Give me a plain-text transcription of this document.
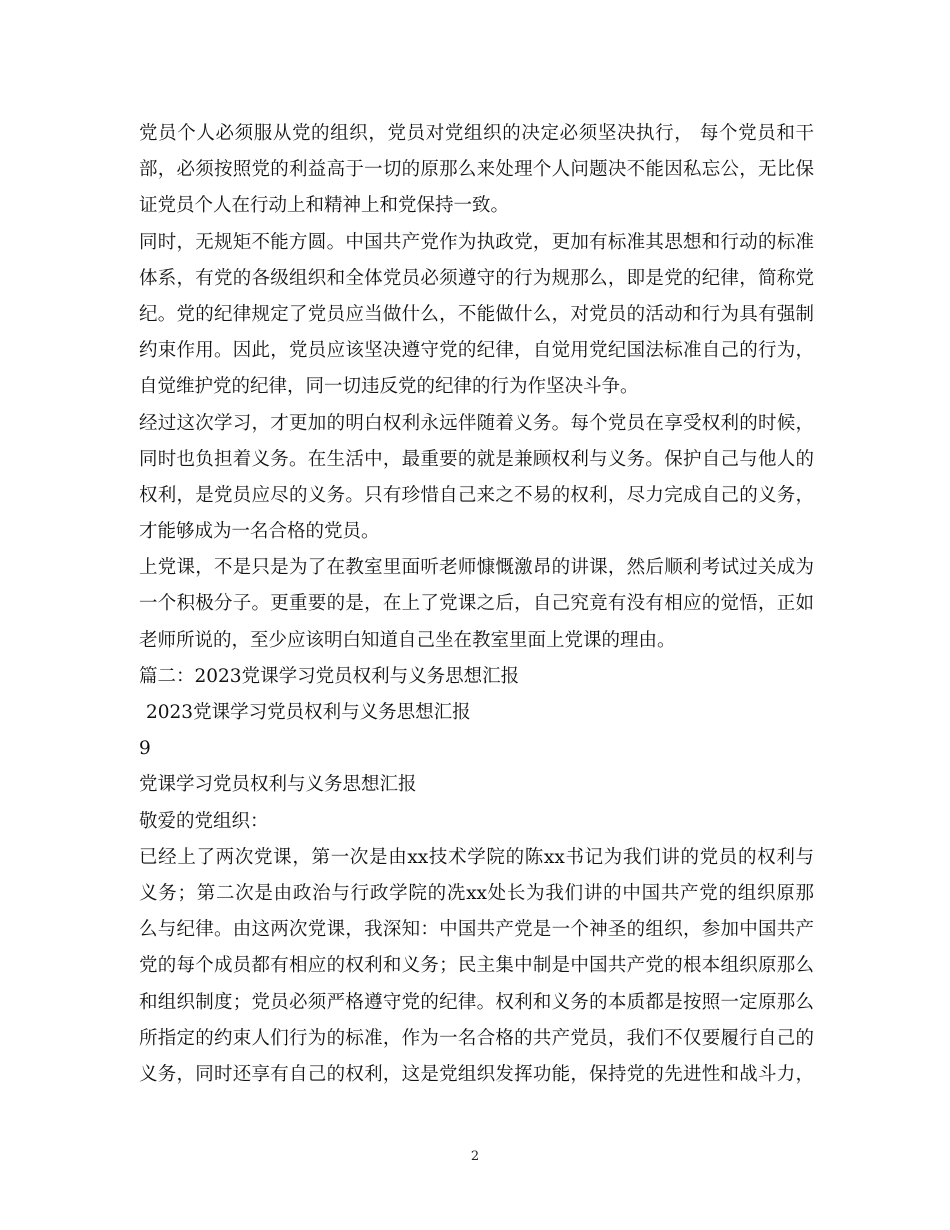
党员个人必须服从党的组织，党员对党组织的决定必须坚决执行， 每个党员和干
部，必须按照党的利益高于一切的原那么来处理个人问题决不能因私忘公，无比保
证党员个人在行动上和精神上和党保持一致。
同时，无规矩不能方圆。中国共产党作为执政党，更加有标准其思想和行动的标准
体系，有党的各级组织和全体党员必须遵守的行为规那么，即是党的纪律，简称党
纪。党的纪律规定了党员应当做什么，不能做什么，对党员的活动和行为具有强制
约束作用。因此，党员应该坚决遵守党的纪律，自觉用党纪国法标准自己的行为，
自觉维护党的纪律，同一切违反党的纪律的行为作坚决斗争。
经过这次学习，才更加的明白权利永远伴随着义务。每个党员在享受权利的时候，
同时也负担着义务。在生活中，最重要的就是兼顾权利与义务。保护自己与他人的
权利，是党员应尽的义务。只有珍惜自己来之不易的权利，尽力完成自己的义务，
才能够成为一名合格的党员。
上党课，不是只是为了在教室里面听老师慷慨激昂的讲课，然后顺利考试过关成为
一个积极分子。更重要的是，在上了党课之后，自己究竟有没有相应的觉悟，正如
老师所说的，至少应该明白知道自己坐在教室里面上党课的理由。
篇二：2023党课学习党员权利与义务思想汇报
2023党课学习党员权利与义务思想汇报
9
党课学习党员权利与义务思想汇报
敬爱的党组织：
已经上了两次党课，第一次是由xx技术学院的陈xx书记为我们讲的党员的权利与
义务；第二次是由政治与行政学院的冼xx处长为我们讲的中国共产党的组织原那
么与纪律。由这两次党课，我深知：中国共产党是一个神圣的组织，参加中国共产
党的每个成员都有相应的权利和义务；民主集中制是中国共产党的根本组织原那么
和组织制度；党员必须严格遵守党的纪律。权利和义务的本质都是按照一定原那么
所指定的约束人们行为的标准，作为一名合格的共产党员，我们不仅要履行自己的
义务，同时还享有自己的权利，这是党组织发挥功能，保持党的先进性和战斗力，
2
